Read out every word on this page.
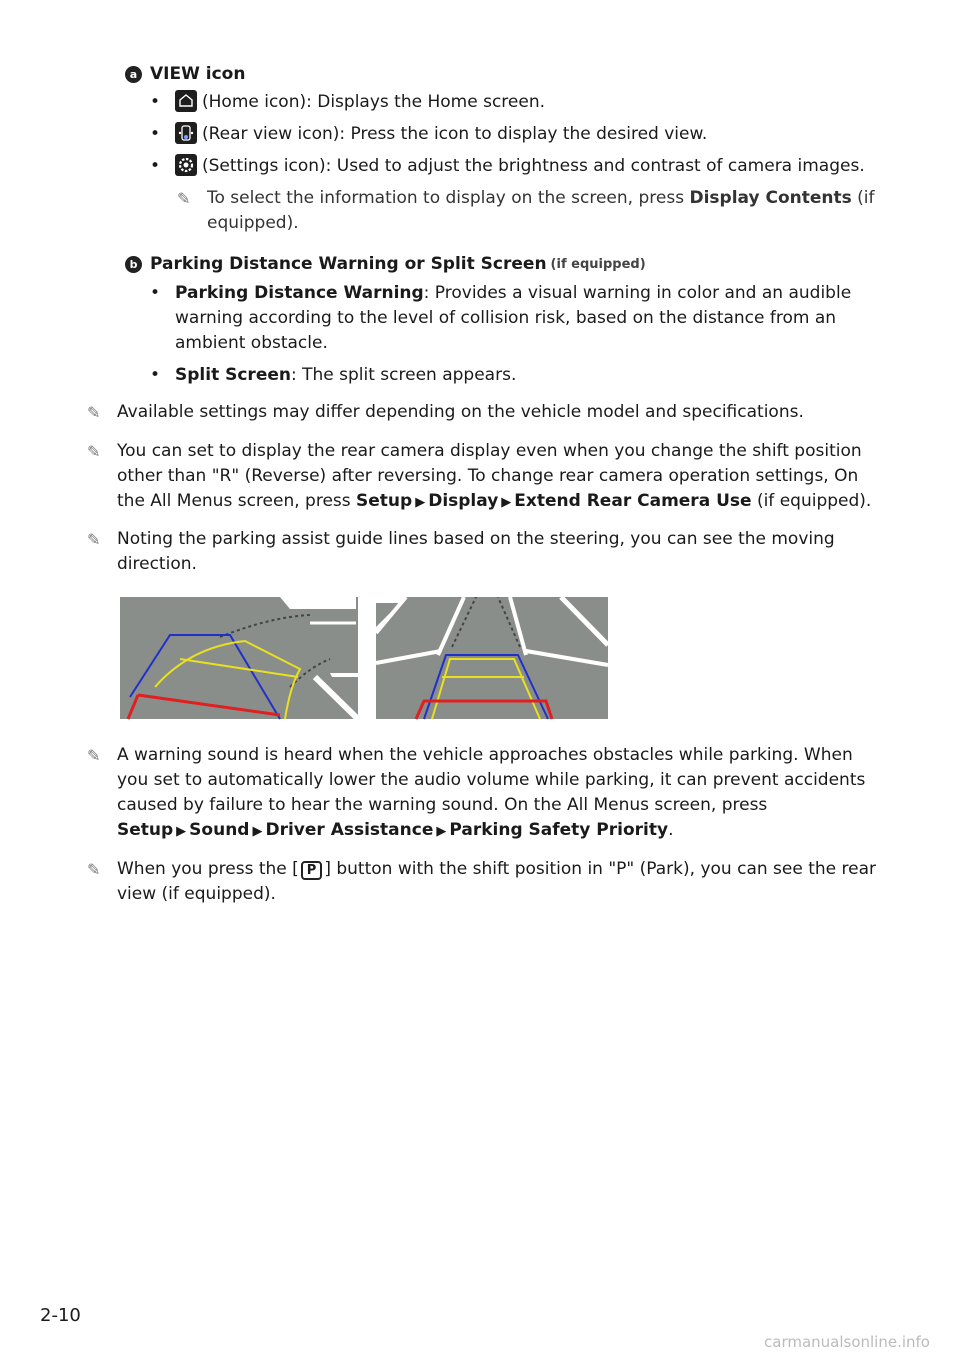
a VIEW icon
•	(Home icon): Displays the Home screen.
•	(Rear view icon): Press the icon to display the desired view.
•	(Settings icon): Used to adjust the brightness and contrast of camera images.
✎ To select the information to display on the screen, press Display Contents (if equipped).
b Parking Distance Warning or Split Screen (if equipped)
• Parking Distance Warning: Provides a visual warning in color and an audible warning according to the level of collision risk, based on the distance from an ambient obstacle.
• Split Screen: The split screen appears.
✎ Available settings may differ depending on the vehicle model and specifications.
✎ You can set to display the rear camera display even when you change the shift position other than "R" (Reverse) after reversing. To change rear camera operation settings, On the All Menus screen, press Setup ▶ Display ▶ Extend Rear Camera Use (if equipped).
✎ Noting the parking assist guide lines based on the steering, you can see the moving direction.
✎ A warning sound is heard when the vehicle approaches obstacles while parking. When you set to automatically lower the audio volume while parking, it can prevent accidents caused by failure to hear the warning sound. On the All Menus screen, press Setup ▶ Sound ▶ Driver Assistance ▶ Parking Safety Priority.
✎ When you press the [ P ] button with the shift position in "P" (Park), you can see the rear view (if equipped).
2-10
carmanualsonline.info
